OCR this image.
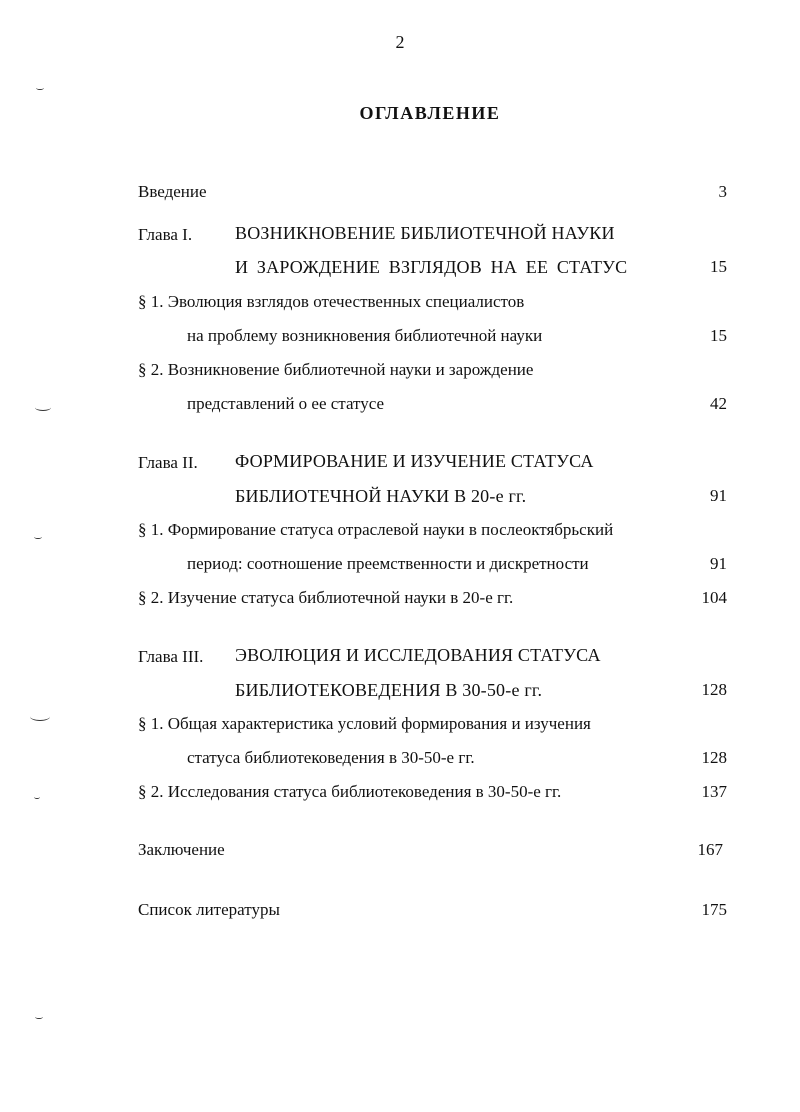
2
ОГЛАВЛЕНИЕ
Введение	3
Глава I. ВОЗНИКНОВЕНИЕ БИБЛИОТЕЧНОЙ НАУКИ
И ЗАРОЖДЕНИЕ ВЗГЛЯДОВ НА ЕЕ СТАТУС	15
§ 1. Эволюция взглядов отечественных специалистов
на проблему возникновения библиотечной науки	15
§ 2. Возникновение библиотечной науки и зарождение
представлений о ее статусе	42
Глава II. ФОРМИРОВАНИЕ И ИЗУЧЕНИЕ СТАТУСА
БИБЛИОТЕЧНОЙ НАУКИ В 20-е гг.	91
§ 1. Формирование статуса отраслевой науки в послеоктябрьский
период: соотношение преемственности и дискретности	91
§ 2. Изучение статуса библиотечной науки в 20-е гг.	104
Глава III. ЭВОЛЮЦИЯ И ИССЛЕДОВАНИЯ СТАТУСА
БИБЛИОТЕКОВЕДЕНИЯ В 30-50-е гг.	128
§ 1. Общая характеристика условий формирования и изучения
статуса библиотековедения в 30-50-е гг.	128
§ 2. Исследования статуса библиотековедения в 30-50-е гг.	137
Заключение	167
Список литературы	175
